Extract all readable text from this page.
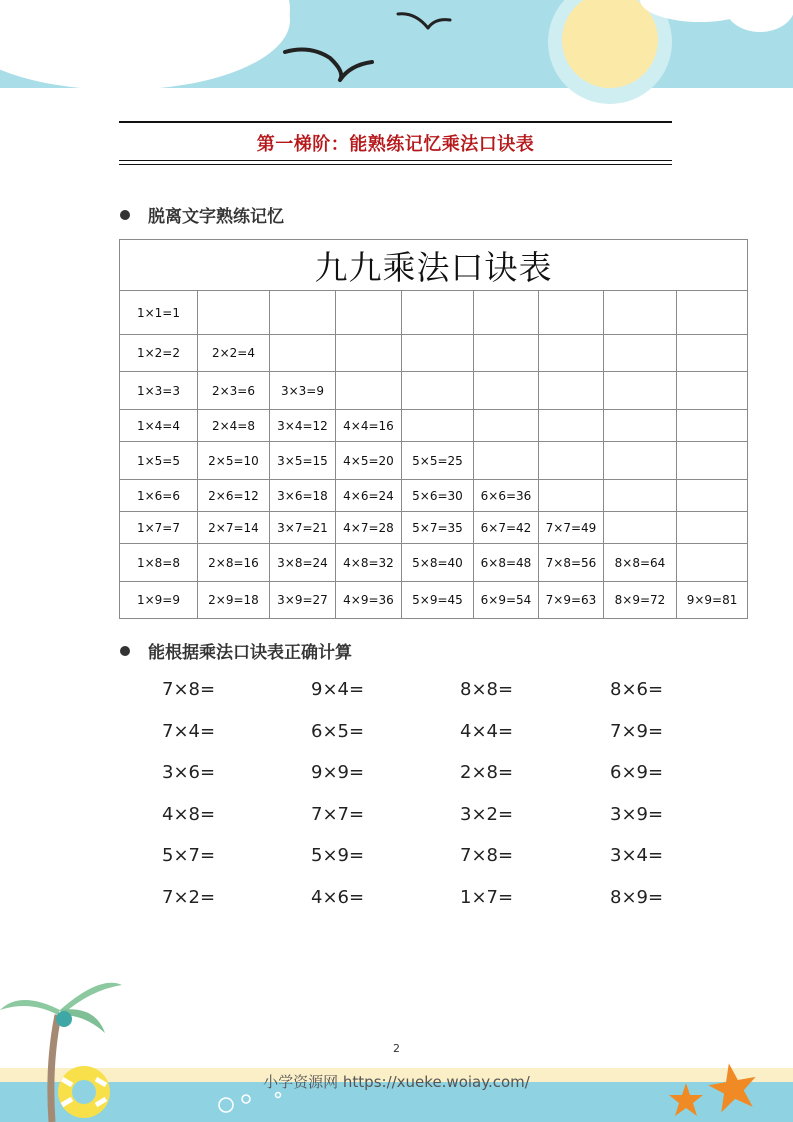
第一梯阶：能熟练记忆乘法口诀表
脱离文字熟练记忆
九九乘法口诀表								
1×1=1								
1×2=2	2×2=4							
1×3=3	2×3=6	3×3=9						
1×4=4	2×4=8	3×4=12	4×4=16					
1×5=5	2×5=10	3×5=15	4×5=20	5×5=25				
1×6=6	2×6=12	3×6=18	4×6=24	5×6=30	6×6=36			
1×7=7	2×7=14	3×7=21	4×7=28	5×7=35	6×7=42	7×7=49		
1×8=8	2×8=16	3×8=24	4×8=32	5×8=40	6×8=48	7×8=56	8×8=64	
1×9=9	2×9=18	3×9=27	4×9=36	5×9=45	6×9=54	7×9=63	8×9=72	9×9=81
能根据乘法口诀表正确计算
7×8=	9×4=	8×8=	8×6=
7×4=	6×5=	4×4=	7×9=
3×6=	9×9=	2×8=	6×9=
4×8=	7×7=	3×2=	3×9=
5×7=	5×9=	7×8=	3×4=
7×2=	4×6=	1×7=	8×9=
2
小学资源网 https://xueke.woiay.com/
